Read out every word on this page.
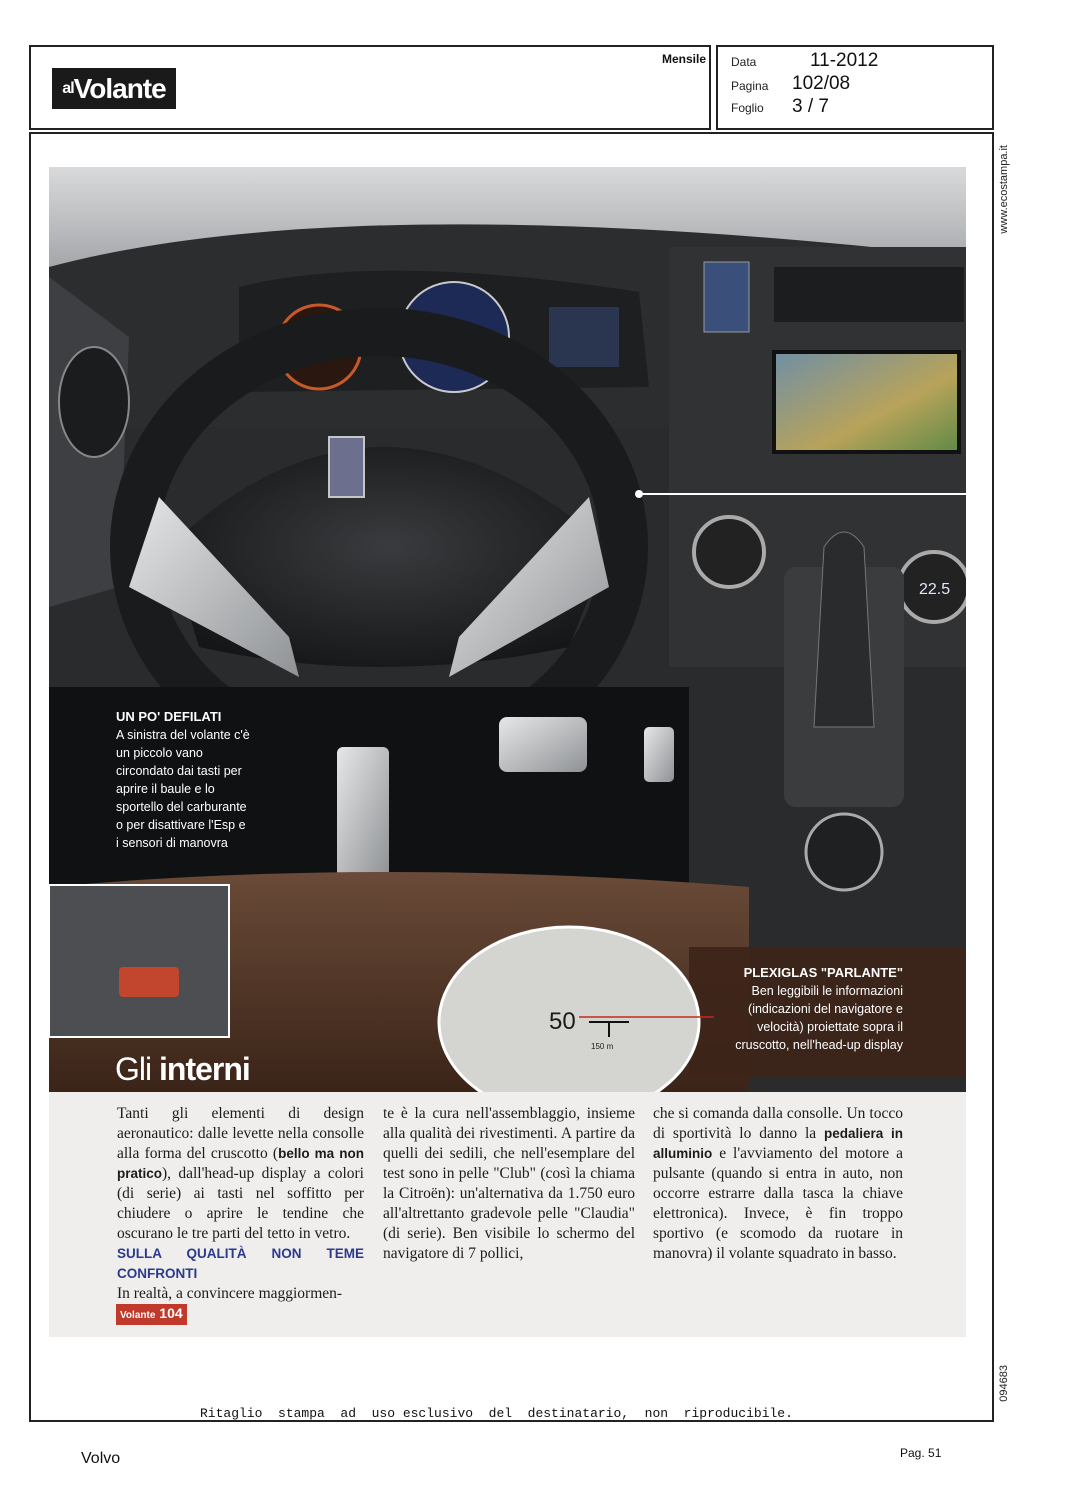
$^{al}$Volante
Mensile Data	11-2012
Pagina 102/08
Foglio 3 / 7
www.ecostampa.it
094683
22.5
50
150 m
UN PO' DEFILATI
A sinistra del volante c'è un piccolo vano circondato dai tasti per aprire il baule e lo sportello del carburante o per disattivare l'Esp e i sensori di manovra
PLEXIGLAS "PARLANTE"
Ben leggibili le informazioni (indicazioni del navigatore e velocità) proiettate sopra il cruscotto, nell'head-up display
Gli interni
Tanti gli elementi di design aeronautico: dalle levette nella consolle alla forma del cruscotto (bello ma non pratico), dall'head-up display a colori (di serie) ai tasti nel soffitto per chiudere o aprire le tendine che oscurano le tre parti del tetto in vetro.
SULLA QUALITÀ NON TEME CONFRONTI
In realtà, a convincere maggiormen-
te è la cura nell'assemblaggio, insieme alla qualità dei rivestimenti. A partire da quelli dei sedili, che nell'esemplare del test sono in pelle "Club" (così la chiama la Citroën): un'alternativa da 1.750 euro all'altrettanto gradevole pelle "Claudia" (di serie). Ben visibile lo schermo del navigatore di 7 pollici,
che si comanda dalla consolle. Un tocco di sportività lo danno la pedaliera in alluminio e l'avviamento del motore a pulsante (quando si entra in auto, non occorre estrarre dalla tasca la chiave elettronica). Invece, è fin troppo sportivo (e scomodo da ruotare in manovra) il volante squadrato in basso.
Volante 104
Ritaglio  stampa  ad  uso esclusivo  del  destinatario,  non  riproducibile.
Volvo	Pag. 51
